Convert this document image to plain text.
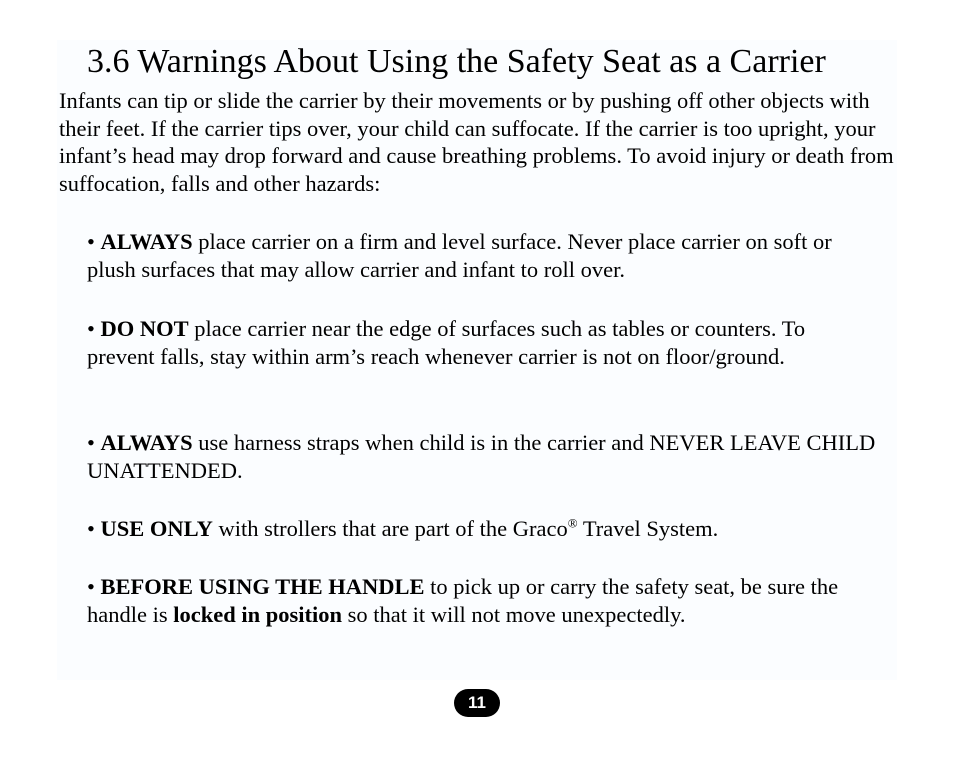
3.6 Warnings About Using the Safety Seat as a Carrier

Infants can tip or slide the carrier by their movements or by pushing off other objects with their feet. If the carrier tips over, your child can suffocate. If the carrier is too upright, your infant’s head may drop forward and cause breathing problems. To avoid injury or death from suffocation, falls and other hazards:

• ALWAYS place carrier on a firm and level surface. Never place carrier on soft or plush surfaces that may allow carrier and infant to roll over.

• DO NOT place carrier near the edge of surfaces such as tables or counters. To prevent falls, stay within arm’s reach whenever carrier is not on floor/ground.

• ALWAYS use harness straps when child is in the carrier and NEVER LEAVE CHILD UNATTENDED.

• USE ONLY with strollers that are part of the Graco® Travel System.

• BEFORE USING THE HANDLE to pick up or carry the safety seat, be sure the handle is locked in position so that it will not move unexpectedly.

11
